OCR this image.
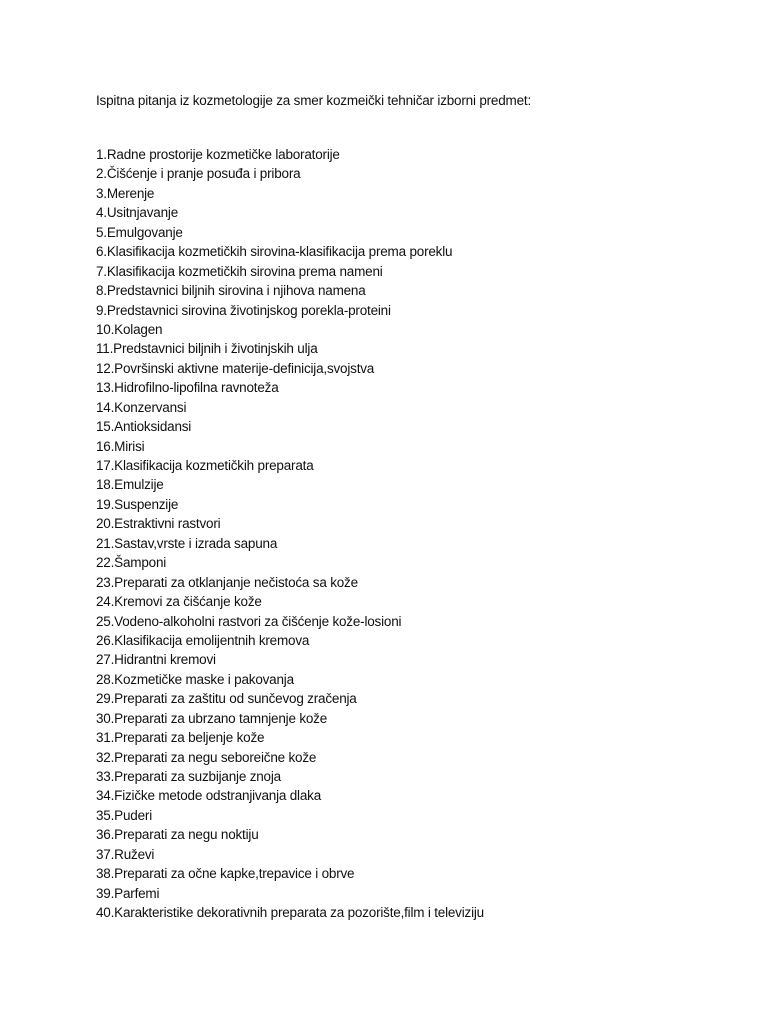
Ispitna pitanja iz kozmetologije za smer kozmeički tehničar izborni predmet:
1.Radne prostorije kozmetičke laboratorije
2.Čišćenje i pranje posuđa i pribora
3.Merenje
4.Usitnjavanje
5.Emulgovanje
6.Klasifikacija kozmetičkih sirovina-klasifikacija prema poreklu
7.Klasifikacija kozmetičkih sirovina prema nameni
8.Predstavnici biljnih sirovina i njihova namena
9.Predstavnici sirovina životinjskog porekla-proteini
10.Kolagen
11.Predstavnici biljnih i životinjskih ulja
12.Površinski aktivne materije-definicija,svojstva
13.Hidrofilno-lipofilna ravnoteža
14.Konzervansi
15.Antioksidansi
16.Mirisi
17.Klasifikacija kozmetičkih preparata
18.Emulzije
19.Suspenzije
20.Estraktivni rastvori
21.Sastav,vrste i izrada sapuna
22.Šamponi
23.Preparati za otklanjanje nečistoća sa kože
24.Kremovi za čišćanje kože
25.Vodeno-alkoholni rastvori za čišćenje kože-losioni
26.Klasifikacija emolijentnih kremova
27.Hidrantni kremovi
28.Kozmetičke maske i pakovanja
29.Preparati za zaštitu od sunčevog zračenja
30.Preparati za ubrzano tamnjenje kože
31.Preparati za beljenje kože
32.Preparati za negu seboreične kože
33.Preparati za suzbijanje znoja
34.Fizičke metode odstranjivanja dlaka
35.Puderi
36.Preparati za negu noktiju
37.Ruževi
38.Preparati za očne kapke,trepavice i obrve
39.Parfemi
40.Karakteristike dekorativnih preparata za pozorište,film i televiziju
